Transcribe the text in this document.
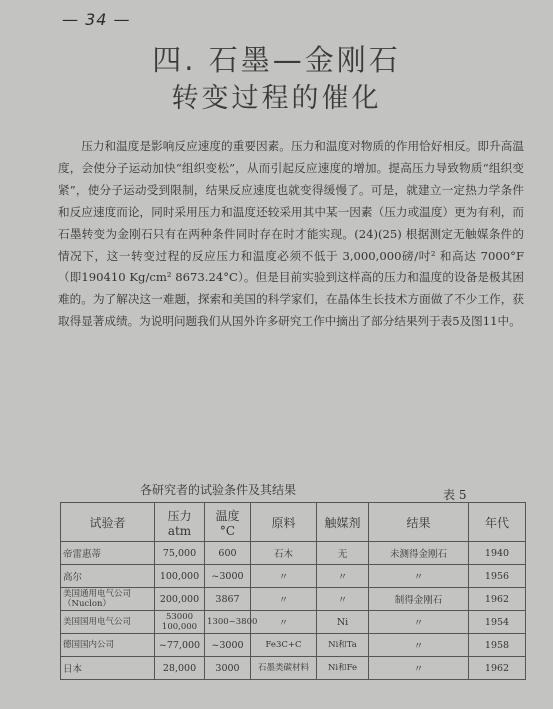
— 34 —
四. 石墨—金刚石
转变过程的催化
压力和温度是影响反应速度的重要因素。压力和温度对物质的作用恰好相反。即升高温度，会使分子运动加快“组织变松”，从而引起反应速度的增加。提高压力导致物质“组织变紧”，使分子运动受到限制，结果反应速度也就变得缓慢了。可是，就建立一定热力学条件和反应速度而论，同时采用压力和温度还较采用其中某一因素（压力或温度）更为有利，而石墨转变为金刚石只有在两种条件同时存在时才能实现。(24)(25) 根据测定无触媒条件的情况下，这一转变过程的反应压力和温度必须不低于 3,000,000磅/吋² 和高达 7000°F（即190410 Kg/cm² 8673.24°C）。但是目前实验到这样高的压力和温度的设备是极其困难的。为了解决这一难题，探索和美国的科学家们，在晶体生长技术方面做了不少工作，获取得显著成绩。为说明问题我们从国外许多研究工作中摘出了部分结果列于表5及图11中。
各研究者的试验条件及其结果	表 5
试验者	压力 atm	温度 °C	原料	触媒剂	结果	年代
帝雷惠蒂	75,000	600	石木	无	未测得金刚石	1940
高尔	100,000	~3000	〃	〃	〃	1956
美国通用电气公司（Nuclon）	200,000	3867	〃	〃	制得金刚石	1962
美国国用电气公司	53000 100,000	1300~3800	〃	Ni	〃	1954
德国国内公司	~77,000	~3000	Fe3C+C	Ni和Ta	〃	1958
日本	28,000	3000	石墨类碳材料	Ni和Fe	〃	1962
